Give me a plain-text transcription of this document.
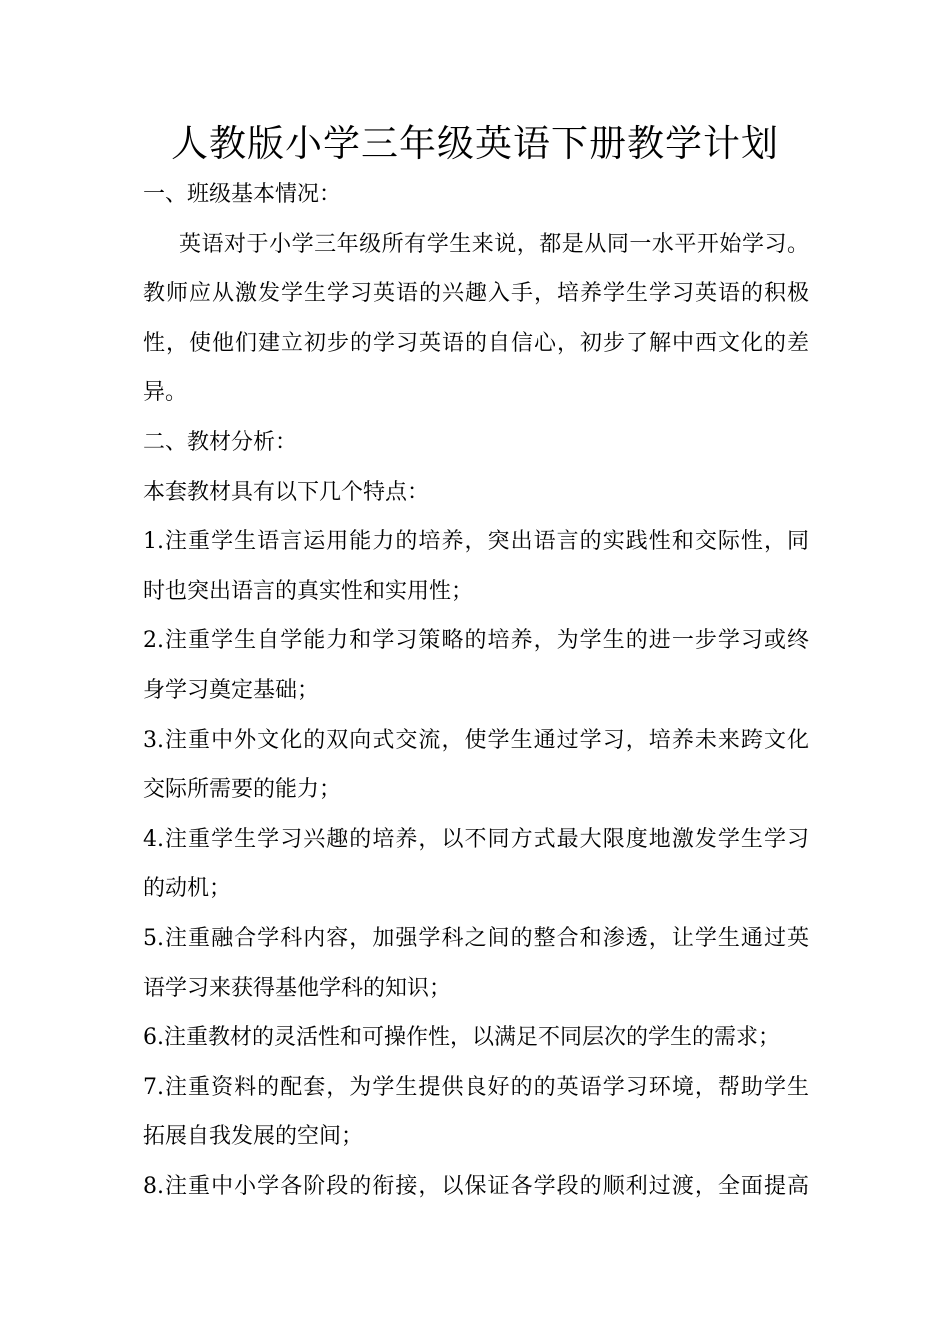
人教版小学三年级英语下册教学计划
一、班级基本情况：
英语对于小学三年级所有学生来说，都是从同一水平开始学习。
教师应从激发学生学习英语的兴趣入手，培养学生学习英语的积极
性，使他们建立初步的学习英语的自信心，初步了解中西文化的差
异。
二、教材分析：
本套教材具有以下几个特点：
1.注重学生语言运用能力的培养，突出语言的实践性和交际性，同
时也突出语言的真实性和实用性；
2.注重学生自学能力和学习策略的培养，为学生的进一步学习或终
身学习奠定基础；
3.注重中外文化的双向式交流，使学生通过学习，培养未来跨文化
交际所需要的能力；
4.注重学生学习兴趣的培养，以不同方式最大限度地激发学生学习
的动机；
5.注重融合学科内容，加强学科之间的整合和渗透，让学生通过英
语学习来获得基他学科的知识；
6.注重教材的灵活性和可操作性，以满足不同层次的学生的需求；
7.注重资料的配套，为学生提供良好的的英语学习环境，帮助学生
拓展自我发展的空间；
8.注重中小学各阶段的衔接，以保证各学段的顺利过渡，全面提高
